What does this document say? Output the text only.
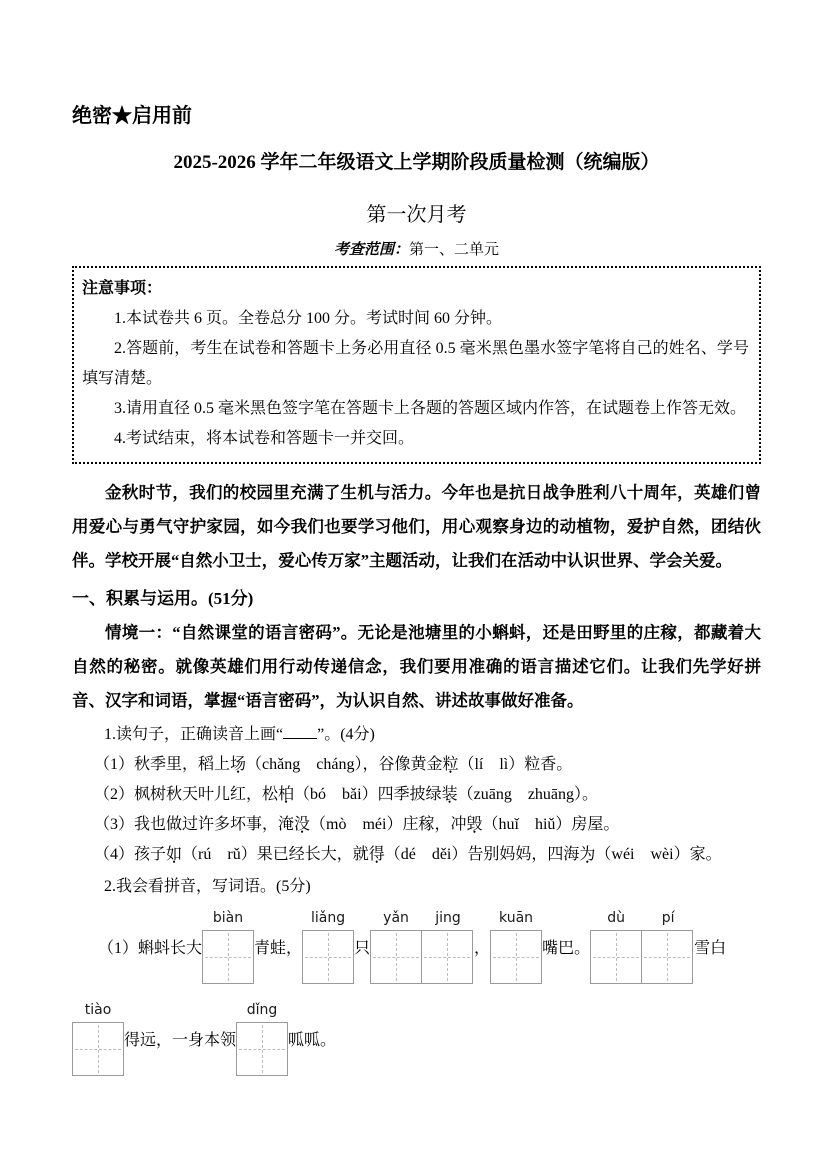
绝密★启用前
2025-2026 学年二年级语文上学期阶段质量检测（统编版）
第一次月考
考查范围：第一、二单元

注意事项：

1.本试卷共 6 页。全卷总分 100 分。考试时间 60 分钟。

2.答题前，考生在试卷和答题卡上务必用直径 0.5 毫米黑色墨水签字笔将自己的姓名、学号填写清楚。

3.请用直径 0.5 毫米黑色签字笔在答题卡上各题的答题区域内作答，在试题卷上作答无效。

4.考试结束，将本试卷和答题卡一并交回。

金秋时节，我们的校园里充满了生机与活力。今年也是抗日战争胜利八十周年，英雄们曾用爱心与勇气守护家园，如今我们也要学习他们，用心观察身边的动植物，爱护自然，团结伙伴。学校开展“自然小卫士，爱心传万家”主题活动，让我们在活动中认识世界、学会关爱。
一、积累与运用。(51分)
情境一：“自然课堂的语言密码”。无论是池塘里的小蝌蚪，还是田野里的庄稼，都藏着大自然的秘密。就像英雄们用行动传递信念，我们要用准确的语言描述它们。让我们先学好拼音、汉字和词语，掌握“语言密码”，为认识自然、讲述故事做好准备。
1.读句子，正确读音上画“ ”。(4分)
（1）秋季里，稻上场（chǎng　cháng），谷像黄金粒（lí　lì）粒香。
（2）枫树秋天叶儿红，松柏（bó　bǎi）四季披绿装（zuāng　zhuāng）。
（3）我也做过许多坏事，淹没（mò　méi）庄稼，冲毁（huǐ　hiǔ）房屋。
（4）孩子如（rú　rǔ）果已经长大，就得（dé　děi）告别妈妈，四海为（wéi　wèi）家。
2.我会看拼音，写词语。(5分)
（1）蝌蚪长大
biàn
青蛙，
liǎng
只
yǎn	jing
，
kuān
嘴巴。
dù	pí
雪白
tiào
得远，一身本领
dǐng
呱呱。
